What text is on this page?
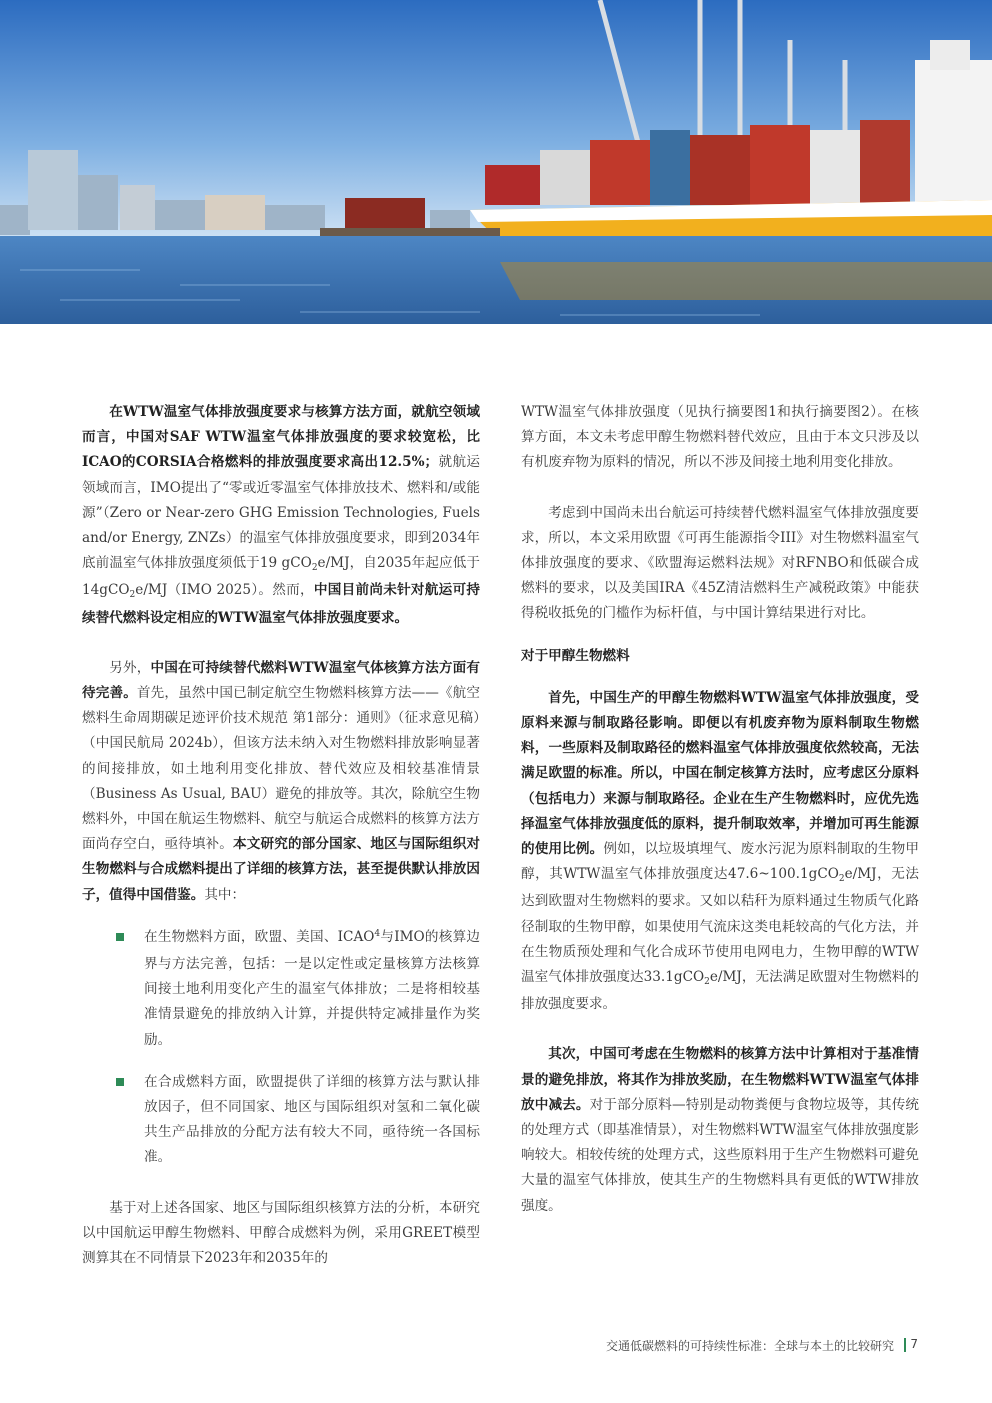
在WTW温室气体排放强度要求与核算方法方面，就航空领域而言，中国对SAF WTW温室气体排放强度的要求较宽松，比ICAO的CORSIA合格燃料的排放强度要求高出12.5%；就航运领域而言，IMO提出了“零或近零温室气体排放技术、燃料和/或能源”（Zero or Near-zero GHG Emission Technologies, Fuels and/or Energy, ZNZs）的温室气体排放强度要求，即到2034年底前温室气体排放强度须低于19 gCO$_2$e/MJ，自2035年起应低于14gCO$_2$e/MJ（IMO 2025）。然而，中国目前尚未针对航运可持续替代燃料设定相应的WTW温室气体排放强度要求。

另外，中国在可持续替代燃料WTW温室气体核算方法方面有待完善。首先，虽然中国已制定航空生物燃料核算方法——《航空燃料生命周期碳足迹评价技术规范 第1部分：通则》（征求意见稿）（中国民航局 2024b），但该方法未纳入对生物燃料排放影响显著的间接排放，如土地利用变化排放、替代效应及相较基准情景（Business As Usual, BAU）避免的排放等。其次，除航空生物燃料外，中国在航运生物燃料、航空与航运合成燃料的核算方法方面尚存空白，亟待填补。本文研究的部分国家、地区与国际组织对生物燃料与合成燃料提出了详细的核算方法，甚至提供默认排放因子，值得中国借鉴。其中：

在生物燃料方面，欧盟、美国、ICAO$^4$与IMO的核算边界与方法完善，包括：一是以定性或定量核算方法核算间接土地利用变化产生的温室气体排放；二是将相较基准情景避免的排放纳入计算，并提供特定减排量作为奖励。
在合成燃料方面，欧盟提供了详细的核算方法与默认排放因子，但不同国家、地区与国际组织对氢和二氧化碳共生产品排放的分配方法有较大不同，亟待统一各国标准。

基于对上述各国家、地区与国际组织核算方法的分析，本研究以中国航运甲醇生物燃料、甲醇合成燃料为例，采用GREET模型测算其在不同情景下2023年和2035年的

WTW温室气体排放强度（见执行摘要图1和执行摘要图2）。在核算方面，本文未考虑甲醇生物燃料替代效应，且由于本文只涉及以有机废弃物为原料的情况，所以不涉及间接土地利用变化排放。

考虑到中国尚未出台航运可持续替代燃料温室气体排放强度要求，所以，本文采用欧盟《可再生能源指令III》对生物燃料温室气体排放强度的要求、《欧盟海运燃料法规》对RFNBO和低碳合成燃料的要求，以及美国IRA《45Z清洁燃料生产减税政策》中能获得税收抵免的门槛作为标杆值，与中国计算结果进行对比。

对于甲醇生物燃料

首先，中国生产的甲醇生物燃料WTW温室气体排放强度，受原料来源与制取路径影响。即便以有机废弃物为原料制取生物燃料，一些原料及制取路径的燃料温室气体排放强度依然较高，无法满足欧盟的标准。所以，中国在制定核算方法时，应考虑区分原料（包括电力）来源与制取路径。企业在生产生物燃料时，应优先选择温室气体排放强度低的原料，提升制取效率，并增加可再生能源的使用比例。例如，以垃圾填埋气、废水污泥为原料制取的生物甲醇，其WTW温室气体排放强度达47.6~100.1gCO$_2$e/MJ，无法达到欧盟对生物燃料的要求。又如以秸秆为原料通过生物质气化路径制取的生物甲醇，如果使用气流床这类电耗较高的气化方法，并在生物质预处理和气化合成环节使用电网电力，生物甲醇的WTW温室气体排放强度达33.1gCO$_2$e/MJ，无法满足欧盟对生物燃料的排放强度要求。

其次，中国可考虑在生物燃料的核算方法中计算相对于基准情景的避免排放，将其作为排放奖励，在生物燃料WTW温室气体排放中减去。对于部分原料—特别是动物粪便与食物垃圾等，其传统的处理方式（即基准情景），对生物燃料WTW温室气体排放强度影响较大。相较传统的处理方式，这些原料用于生产生物燃料可避免大量的温室气体排放，使其生产的生物燃料具有更低的WTW排放强度。

交通低碳燃料的可持续性标准：全球与本土的比较研究 7
